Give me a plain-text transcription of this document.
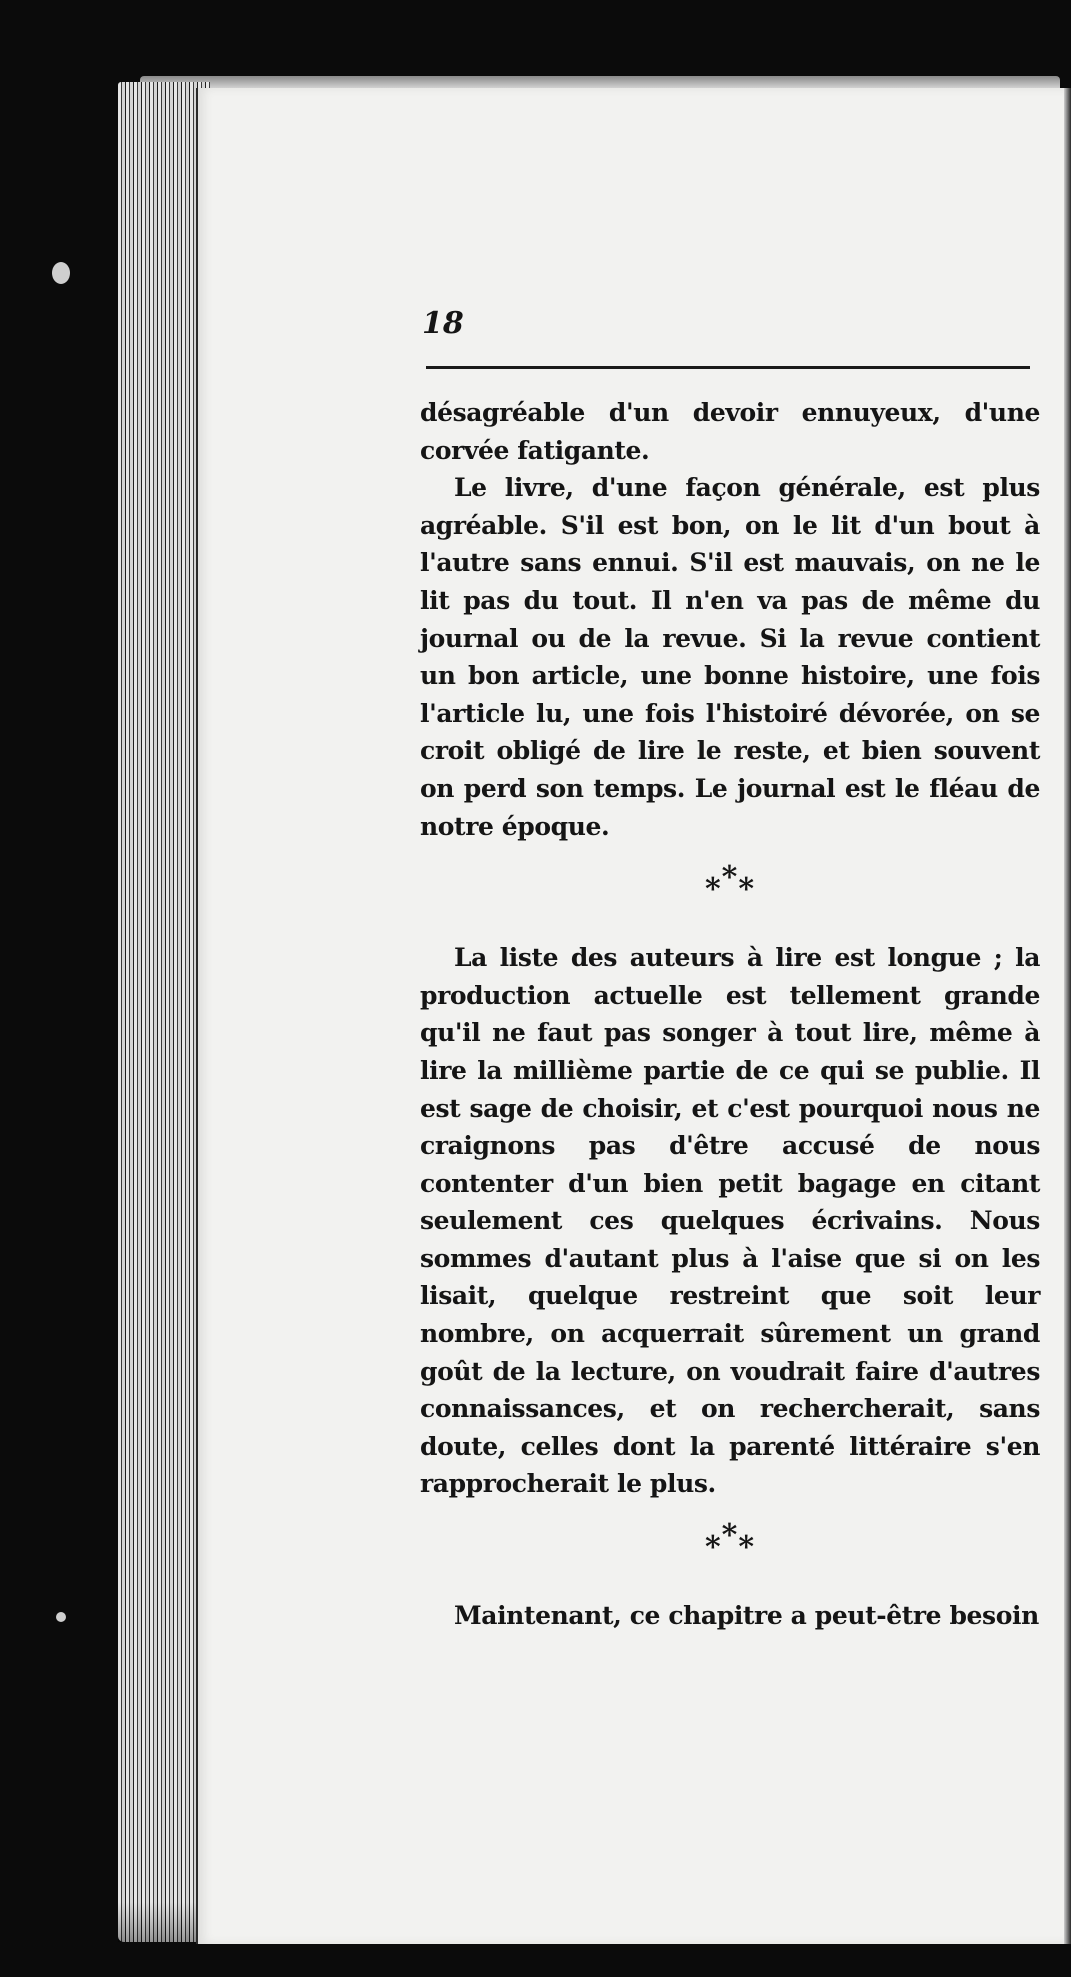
18

désagréable d'un devoir ennuyeux, d'une corvée fatigante.

Le livre, d'une façon générale, est plus agréable. S'il est bon, on le lit d'un bout à l'autre sans ennui. S'il est mauvais, on ne le lit pas du tout. Il n'en va pas de même du journal ou de la revue. Si la revue contient un bon article, une bonne histoire, une fois l'article lu, une fois l'histoiré dévorée, on se croit obligé de lire le reste, et bien souvent on perd son temps. Le journal est le fléau de notre époque.

***

La liste des auteurs à lire est longue ; la production actuelle est tellement grande qu'il ne faut pas songer à tout lire, même à lire la millième partie de ce qui se publie. Il est sage de choisir, et c'est pourquoi nous ne craignons pas d'être accusé de nous contenter d'un bien petit bagage en citant seulement ces quelques écrivains. Nous sommes d'autant plus à l'aise que si on les lisait, quelque restreint que soit leur nombre, on acquerrait sûrement un grand goût de la lecture, on voudrait faire d'autres connaissances, et on rechercherait, sans doute, celles dont la parenté littéraire s'en rapprocherait le plus.

***

Maintenant, ce chapitre a peut-être besoin
